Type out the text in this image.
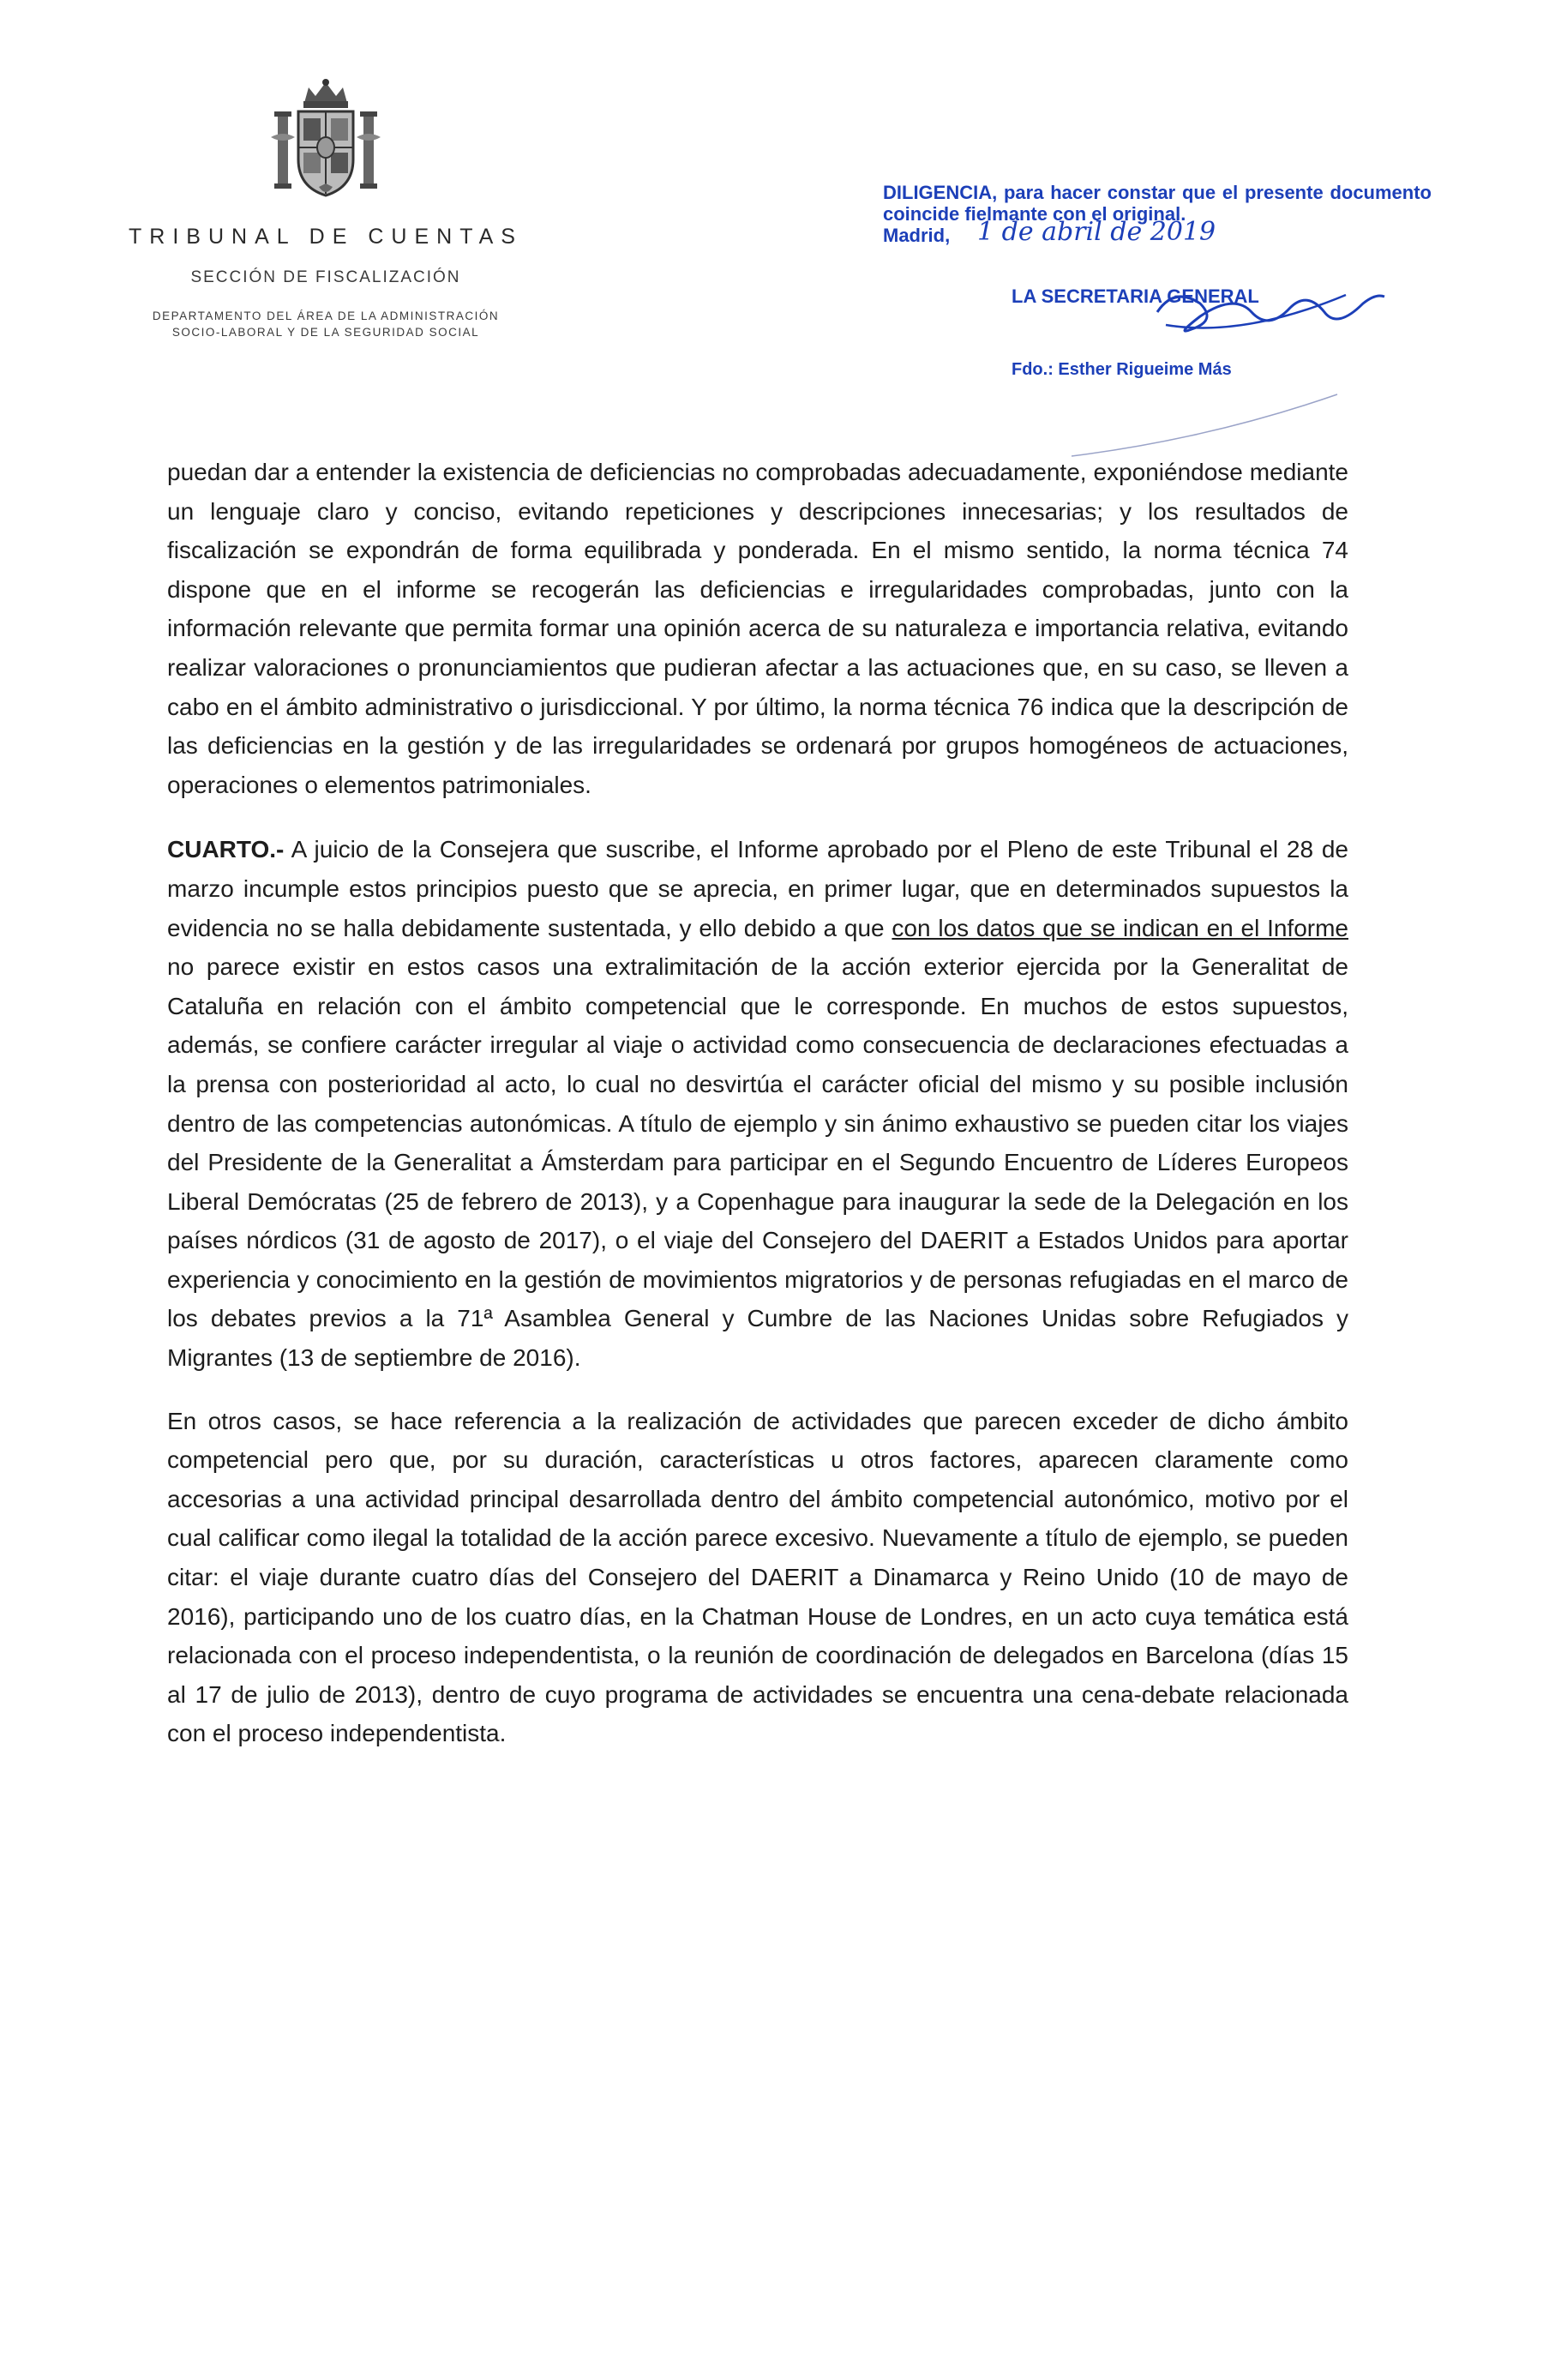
TRIBUNAL DE CUENTAS
SECCIÓN DE FISCALIZACIÓN
DEPARTAMENTO DEL ÁREA DE LA ADMINISTRACIÓN
SOCIO-LABORAL Y DE LA SEGURIDAD SOCIAL
DILIGENCIA, para hacer constar que el presente documento coincide fielmante con el original.
Madrid, 1 de abril de 2019
LA SECRETARIA GENERAL
Fdo.: Esther Rigueime Más

puedan dar a entender la existencia de deficiencias no comprobadas adecuadamente, exponiéndose mediante un lenguaje claro y conciso, evitando repeticiones y descripciones innecesarias; y los resultados de fiscalización se expondrán de forma equilibrada y ponderada. En el mismo sentido, la norma técnica 74 dispone que en el informe se recogerán las deficiencias e irregularidades comprobadas, junto con la información relevante que permita formar una opinión acerca de su naturaleza e importancia relativa, evitando realizar valoraciones o pronunciamientos que pudieran afectar a las actuaciones que, en su caso, se lleven a cabo en el ámbito administrativo o jurisdiccional. Y por último, la norma técnica 76 indica que la descripción de las deficiencias en la gestión y de las irregularidades se ordenará por grupos homogéneos de actuaciones, operaciones o elementos patrimoniales.

CUARTO.- A juicio de la Consejera que suscribe, el Informe aprobado por el Pleno de este Tribunal el 28 de marzo incumple estos principios puesto que se aprecia, en primer lugar, que en determinados supuestos la evidencia no se halla debidamente sustentada, y ello debido a que con los datos que se indican en el Informe no parece existir en estos casos una extralimitación de la acción exterior ejercida por la Generalitat de Cataluña en relación con el ámbito competencial que le corresponde. En muchos de estos supuestos, además, se confiere carácter irregular al viaje o actividad como consecuencia de declaraciones efectuadas a la prensa con posterioridad al acto, lo cual no desvirtúa el carácter oficial del mismo y su posible inclusión dentro de las competencias autonómicas. A título de ejemplo y sin ánimo exhaustivo se pueden citar los viajes del Presidente de la Generalitat a Ámsterdam para participar en el Segundo Encuentro de Líderes Europeos Liberal Demócratas (25 de febrero de 2013), y a Copenhague para inaugurar la sede de la Delegación en los países nórdicos (31 de agosto de 2017), o el viaje del Consejero del DAERIT a Estados Unidos para aportar experiencia y conocimiento en la gestión de movimientos migratorios y de personas refugiadas en el marco de los debates previos a la 71ª Asamblea General y Cumbre de las Naciones Unidas sobre Refugiados y Migrantes (13 de septiembre de 2016).

En otros casos, se hace referencia a la realización de actividades que parecen exceder de dicho ámbito competencial pero que, por su duración, características u otros factores, aparecen claramente como accesorias a una actividad principal desarrollada dentro del ámbito competencial autonómico, motivo por el cual calificar como ilegal la totalidad de la acción parece excesivo. Nuevamente a título de ejemplo, se pueden citar: el viaje durante cuatro días del Consejero del DAERIT a Dinamarca y Reino Unido (10 de mayo de 2016), participando uno de los cuatro días, en la Chatman House de Londres, en un acto cuya temática está relacionada con el proceso independentista, o la reunión de coordinación de delegados en Barcelona (días 15 al 17 de julio de 2013), dentro de cuyo programa de actividades se encuentra una cena-debate relacionada con el proceso independentista.
